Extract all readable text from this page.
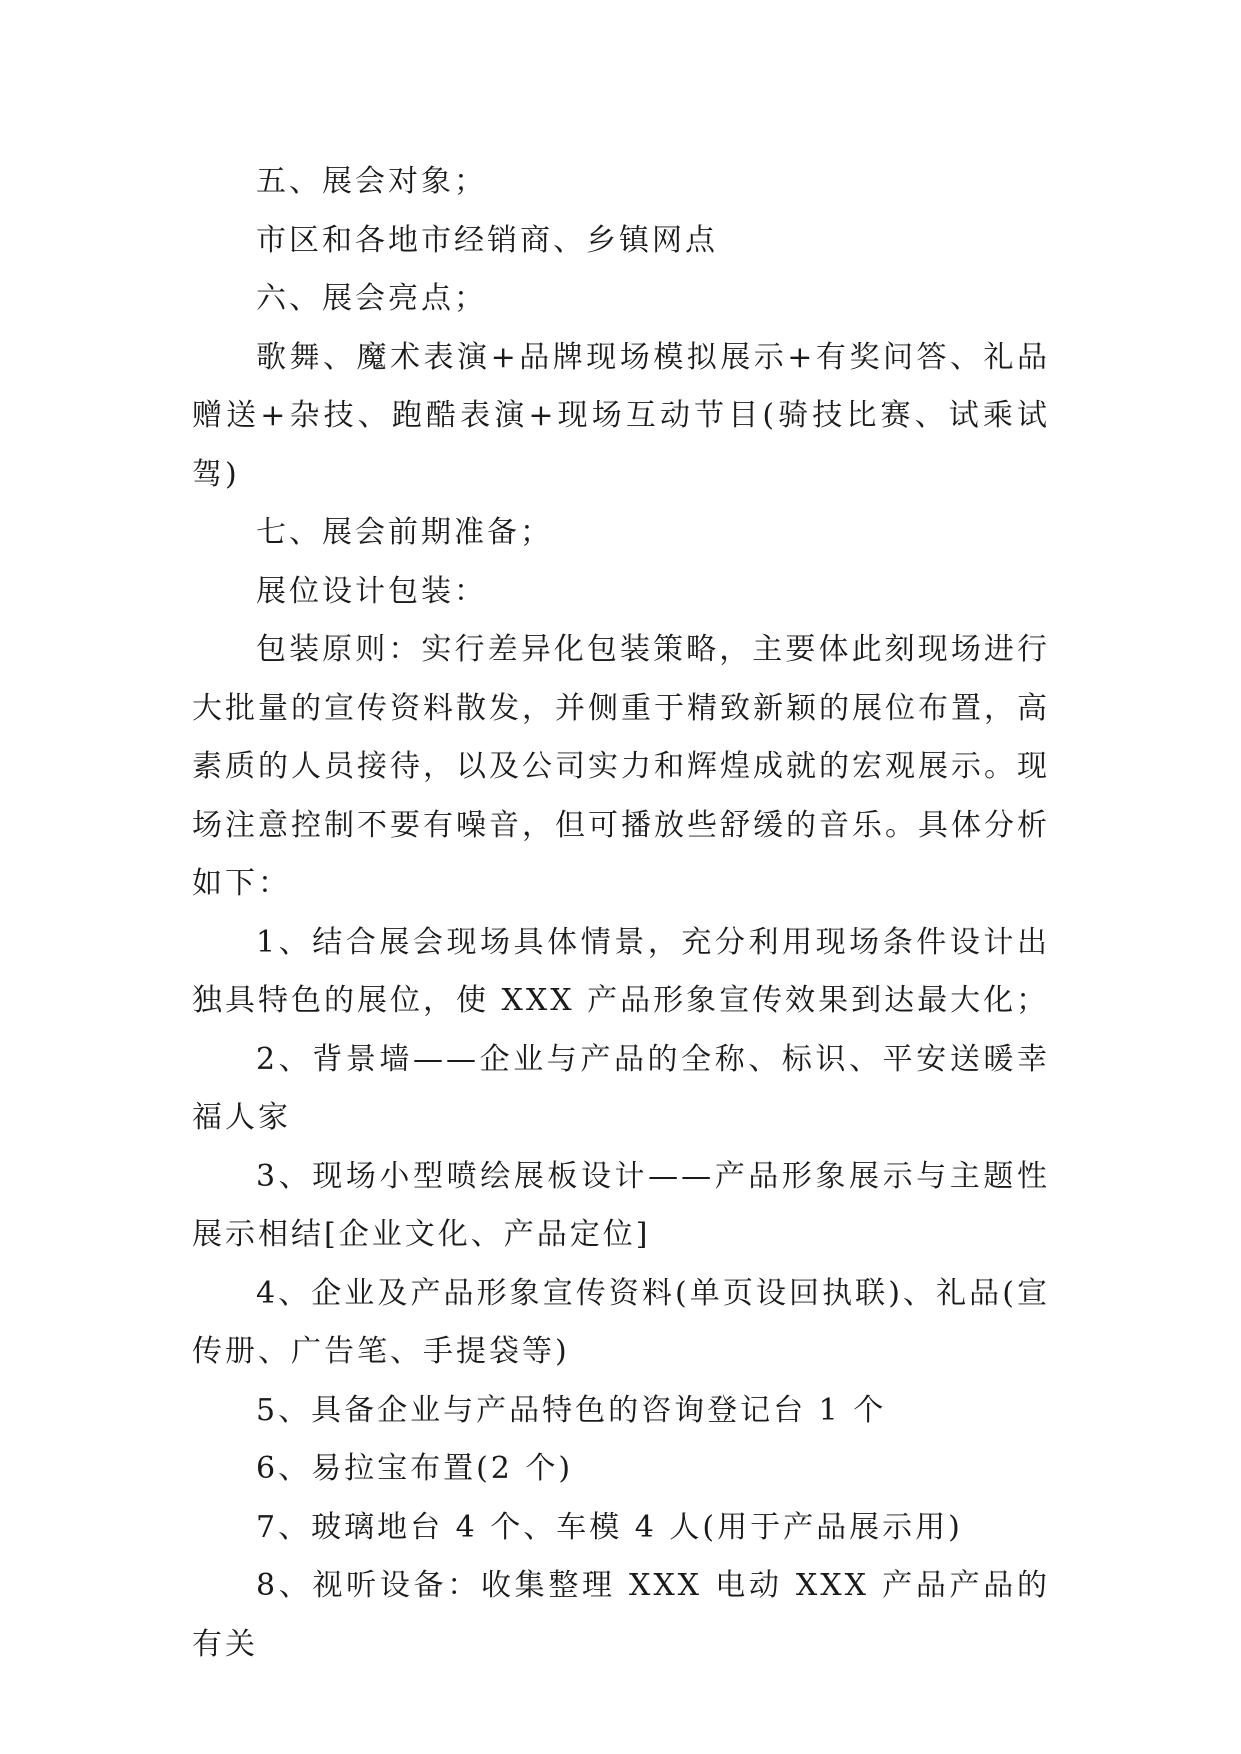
五、展会对象；

市区和各地市经销商、乡镇网点

六、展会亮点；

歌舞、魔术表演+品牌现场模拟展示+有奖问答、礼品赠送+杂技、跑酷表演+现场互动节目(骑技比赛、试乘试驾)

七、展会前期准备；

展位设计包装：

包装原则：实行差异化包装策略，主要体此刻现场进行大批量的宣传资料散发，并侧重于精致新颖的展位布置，高素质的人员接待，以及公司实力和辉煌成就的宏观展示。现场注意控制不要有噪音，但可播放些舒缓的音乐。具体分析如下：

1、结合展会现场具体情景，充分利用现场条件设计出独具特色的展位，使 XXX 产品形象宣传效果到达最大化；

2、背景墙——企业与产品的全称、标识、平安送暖幸福人家

3、现场小型喷绘展板设计——产品形象展示与主题性展示相结[企业文化、产品定位]

4、企业及产品形象宣传资料(单页设回执联)、礼品(宣传册、广告笔、手提袋等)

5、具备企业与产品特色的咨询登记台 1 个

6、易拉宝布置(2 个)

7、玻璃地台 4 个、车模 4 人(用于产品展示用)

8、视听设备：收集整理 XXX 电动 XXX 产品产品的有关
